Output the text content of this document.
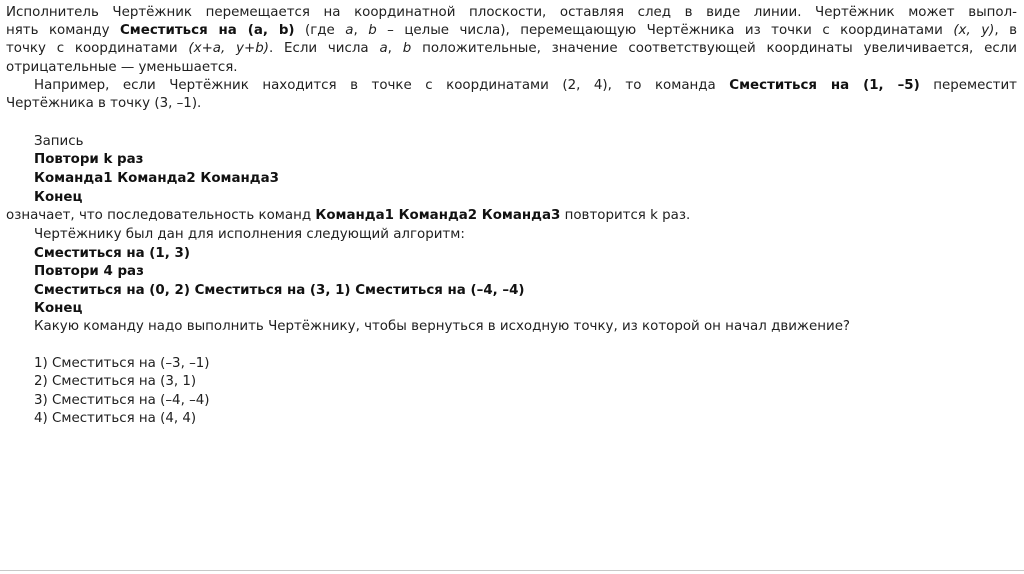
Исполнитель Чертёжник перемещается на координатной плоскости, оставляя след в виде линии. Чертёжник может выпол-
нять команду Сместиться на (a, b) (где a, b – целые числа), перемещающую Чертёжника из точки с координатами (x, y), в
точку с координатами (x+a, y+b). Если числа a, b положительные, значение соответствующей координаты увеличивается, если
отрицательные — уменьшается.
Например, если Чертёжник находится в точке с координатами (2, 4), то команда Сместиться на (1, –5) переместит
Чертёжника в точку (3, –1).
Запись
Повтори k раз
Команда1 Команда2 Команда3
Конец
означает, что последовательность команд Команда1 Команда2 Команда3 повторится k раз.
Чертёжнику был дан для исполнения следующий алгоритм:
Сместиться на (1, 3)
Повтори 4 раз
Сместиться на (0, 2) Сместиться на (3, 1) Сместиться на (–4, –4)
Конец
Какую команду надо выполнить Чертёжнику, чтобы вернуться в исходную точку, из которой он начал движение?
1) Сместиться на (–3, –1)
2) Сместиться на (3, 1)
3) Сместиться на (–4, –4)
4) Сместиться на (4, 4)
